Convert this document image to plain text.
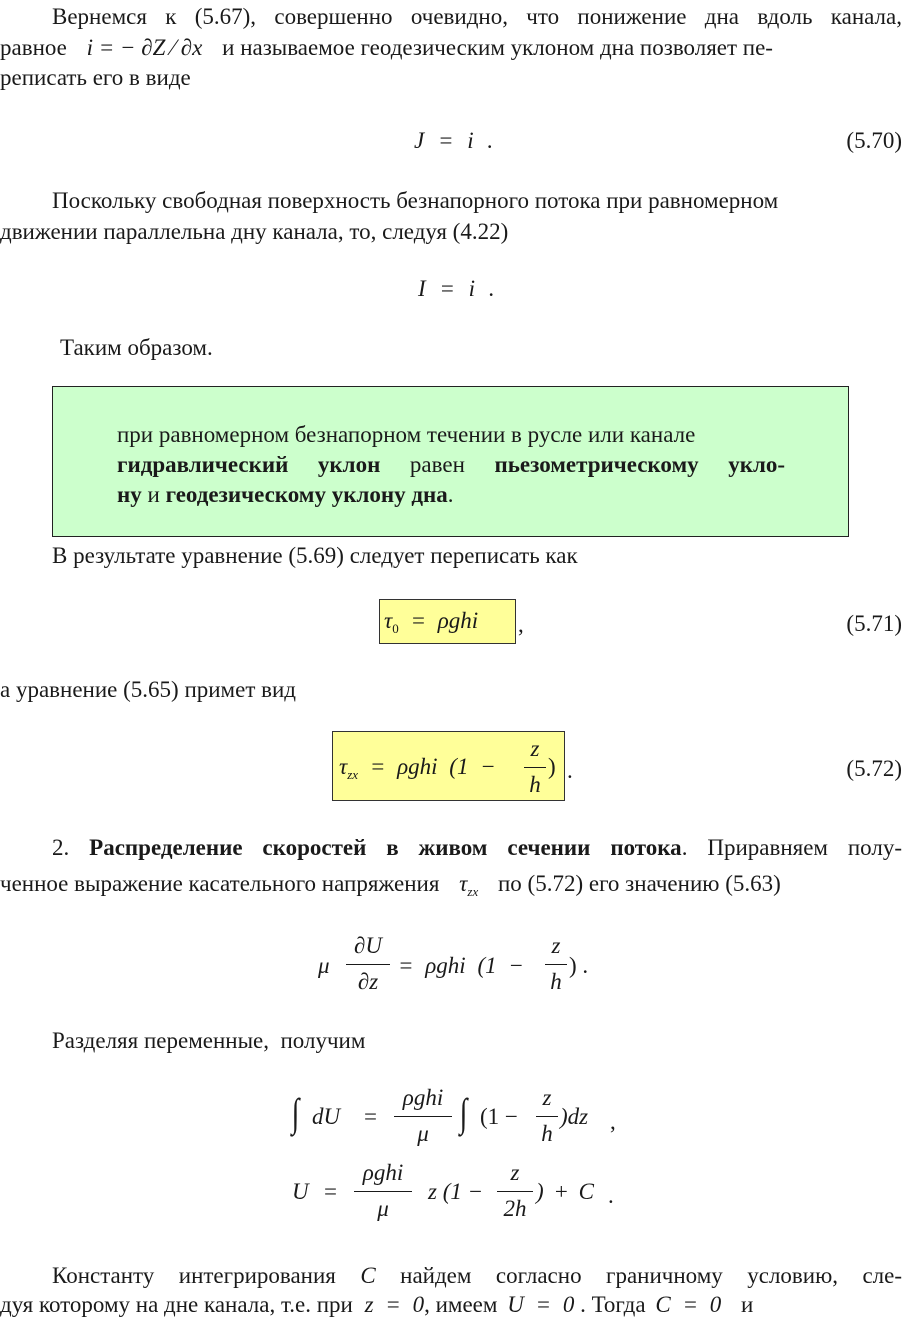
Вернемся к (5.67), совершенно очевидно, что понижение дна вдоль канала,
равное i = − ∂Z ⁄ ∂x и называемое геодезическим уклоном дна позволяет пе-
реписать его в виде
J = i .	(5.70)
Поскольку свободная поверхность безнапорного потока при равномерном
движении параллельна дну канала, то, следуя (4.22)
I = i .
Таким образом.
при равномерном безнапорном течении в русле или канале
гидравлический уклон равен пьезометрическому укло-
ну и геодезическому уклону дна.
В результате уравнение (5.69) следует переписать как
$\tau_0 = \rho ghi$ ,	(5.71)
а уравнение (5.65) примет вид
$\tau_{zx} = \rho ghi$ (1 −
z
h
) .	(5.72)
2. Распределение скоростей в живом сечении потока. Приравняем полу-
ченное выражение касательного напряжения $\tau_{zx}$ по (5.72) его значению (5.63)
μ
∂U
∂z
= ρghi (1 −
z
h
) .
Разделяя переменные,  получим
∫ dU =
ρghi
μ ∫ (1 −
z
h
)dz ,
U =
ρghi
μ
z (1 −
z
2h
) + C .
Константу интегрирования C найдем согласно граничному условию, сле-
дуя которому на дне канала, т.е. при z = 0, имеем U = 0 . Тогда C = 0 и
